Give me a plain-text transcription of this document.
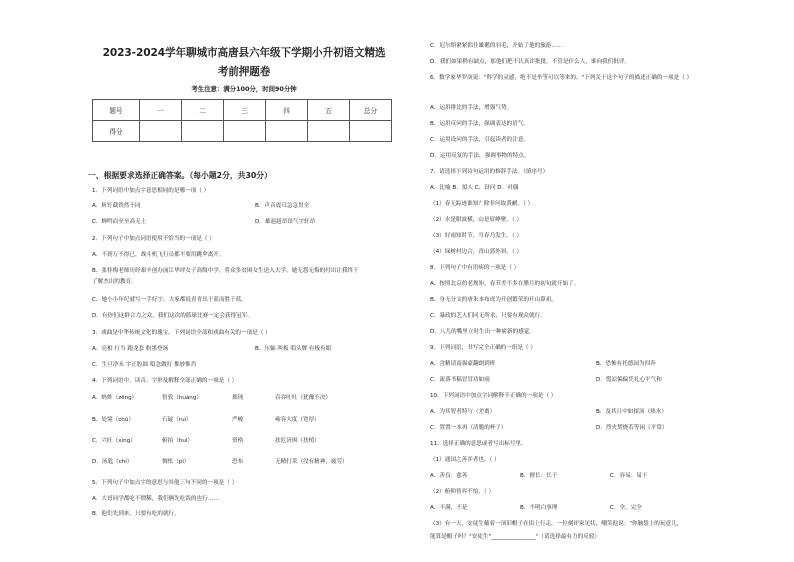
2023-2024学年聊城市高唐县六年级下学期小升初语文精选
考前押题卷
考生注意：满分100分，时间90分钟
题号	一	二	三	四	五	总分
得分						
一、根据要求选择正确答案。（每小题2分，共30分）
1．下列词语中加点字意思相同的是哪一项（ ）
A．斩钉截铁然不同	B．声音震耳急急贯全
C．蝉鸣而至至高无上	D．雄赳赳昂昂气宇轩昂
2．下列句子中加点词语使用不恰当的一项是（ ）
A．不到万不得已，战斗机飞行员都不要用跳伞离开。
B．张桂梅老师历经艰辛创办丽江华坪女子高级中学，将众多贫困女生送入大学，她无怨无悔的付出让我终于
了解杰出的教育。
C．她小小年纪就写一手好字，大家都说青青出于蓝而胜于蓝。
D．有你们这群合力之众，我们这次的篮球比赛一定会获得冠军。
3．戏曲是中华传统文化的瑰宝。下列词语全部和戏曲有关的一项是（ ）
A．亮相 行当 跑龙套 粉墨登场	B．压轴 叫板 唱头牌 有板有眼
C．生旦净末 字正腔圆 唱念做打 惟妙惟肖
4．下列词语中，读音、字形及解释全部正确的一项是（ ）
A．蚂蚱（zēng）	督敦（huáng）	拙钝	吞吞吐吐（犹豫不决）
B．处境（chù）	石碇（ruì）	严峻	雍容大度（宽厚）
C．兴旺（xìng）	俯拍（huì）	资格	扶危济困（扶植）
D．汤匙（chí）	惆怅（pì）	恐布	无精打采（没有精神，疲劳）
5．下列句子中加点字的意思与其他三句不同的一项是（ ）
A．大哥同学都吃不惯稀，我们俩先吃饭的也行……
B．他们先到来，只要有吃的就行。
C．尼尔斯紧紧抓住雄鹅的羽毛，开始了他的旅游……
D．我们如果稍有缺点，那他们把不认真评批批，不管是什么人，谁向我们批评。
6．数学家华罗庚说："科学的灵感，绝不是坐等可以等来的。"下列关于这个句子的描述正确的一项是（ ）
A．运用排比的手法，增强气势。
B．运用反问的手法，强调表达的语气。
C．运用设问的手法，引起读者的注意。
D．运用反复的手法，强调事物的特点。
7．请选择下列诗句运用的修辞手法。（填序号）
A．比喻 B．拟人 C．设问 D．对偶
（1）春无踪迹谁知？除非问取黄鹂。（ ）
（2）水是眼波横，山是眉峰聚。（ ）
（3）好雨知时节，当春乃发生。（ ）
（4）绿树村边合，青山郭外斜。（ ）
8．下列句子中有语病的一项是（ ）
A．按照北京的老规矩，春节差不多在腊月的初旬就开始了。
B．身无分文的唐朱本布成为开创繁荣的开山鼻祖。
C．暴政的艺人们同无所求，只要有观众就行。
D．八儿的嘴里立时生出一种崭新的感觉。
9．下列词语，书写完全正确的一组是（ ）
A．含精请南强豪翻朗到班	B．恐怖有托德园为四奔
C．流落书稿冒冒功如雨	D．慌凉偏偏凭礼心平气和
10．下列词语中加点字词解释不正确的一项是（ ）
A．为其智者特与（差离）	B．及其日中如探汤（热水）
C．置置一本再（清脆的杯子）	D．烈火焚烧若等闲（平常）
11．选择正确的意思或者写出标号里。
（1）通国之善弈者也。（ ）
A．善良：慈善	B．擅长：长于	C．容易：易于
（2）俯仰皆弈不怕。（ ）
A．不满，不是	B．不明白事理	C．全，完全
（3）有一天，安徒生戴着一顶旧帽子在街上行走，一位刻评家见状，嘲笑他说："你脑袋上的玩意儿，
能算是帽子吗？"安徒生"________________"（请选择最有力的反驳）
